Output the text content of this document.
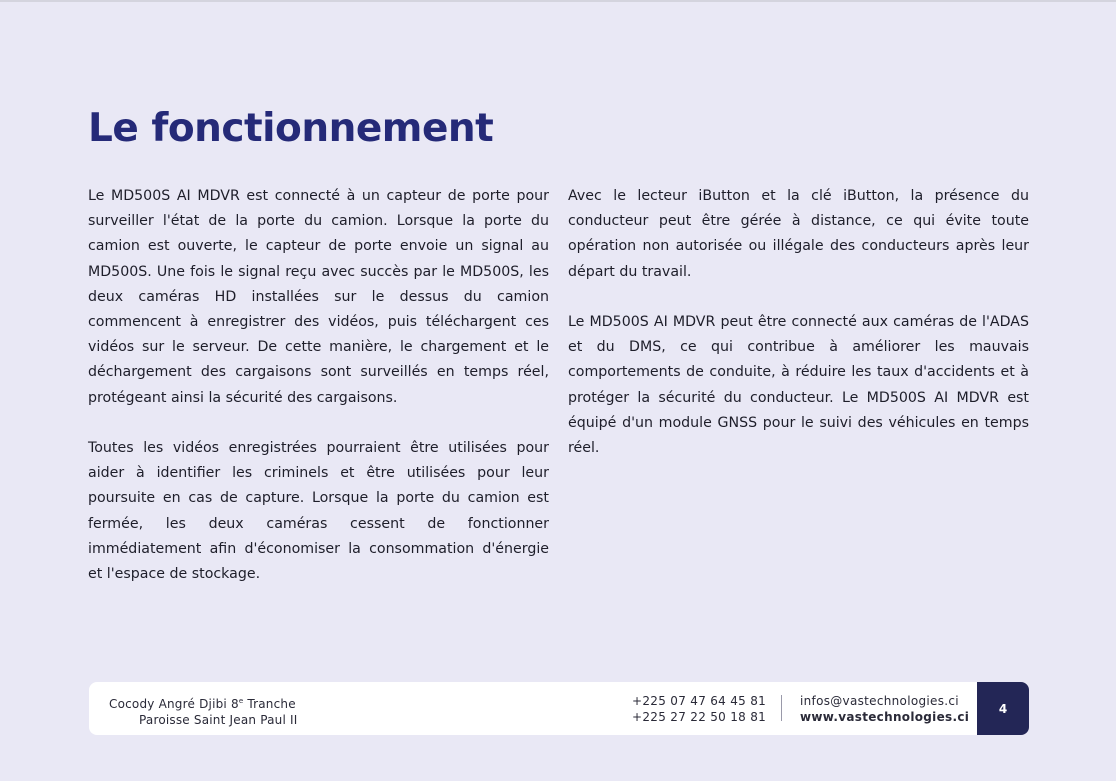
Le fonctionnement

Le MD500S AI MDVR est connecté à un capteur de porte pour surveiller l'état de la porte du camion. Lorsque la porte du camion est ouverte, le capteur de porte envoie un signal au MD500S. Une fois le signal reçu avec succès par le MD500S, les deux caméras HD installées sur le dessus du camion commencent à enregistrer des vidéos, puis téléchargent ces vidéos sur le serveur. De cette manière, le chargement et le déchargement des cargaisons sont surveillés en temps réel, protégeant ainsi la sécurité des cargaisons.

Toutes les vidéos enregistrées pourraient être utilisées pour aider à identifier les criminels et être utilisées pour leur poursuite en cas de capture. Lorsque la porte du camion est fermée, les deux caméras cessent de fonctionner immédiatement afin d'économiser la consommation d'énergie et l'espace de stockage.

Avec le lecteur iButton et la clé iButton, la présence du conducteur peut être gérée à distance, ce qui évite toute opération non autorisée ou illégale des conducteurs après leur départ du travail.

Le MD500S AI MDVR peut être connecté aux caméras de l'ADAS et du DMS, ce qui contribue à améliorer les mauvais comportements de conduite, à réduire les taux d'accidents et à protéger la sécurité du conducteur. Le MD500S AI MDVR est équipé d'un module GNSS pour le suivi des véhicules en temps réel.

Cocody Angré Djibi 8e Tranche
Paroisse Saint Jean Paul II
+225 07 47 64 45 81
+225 27 22 50 18 81
infos@vastechnologies.ci
www.vastechnologies.ci
4
